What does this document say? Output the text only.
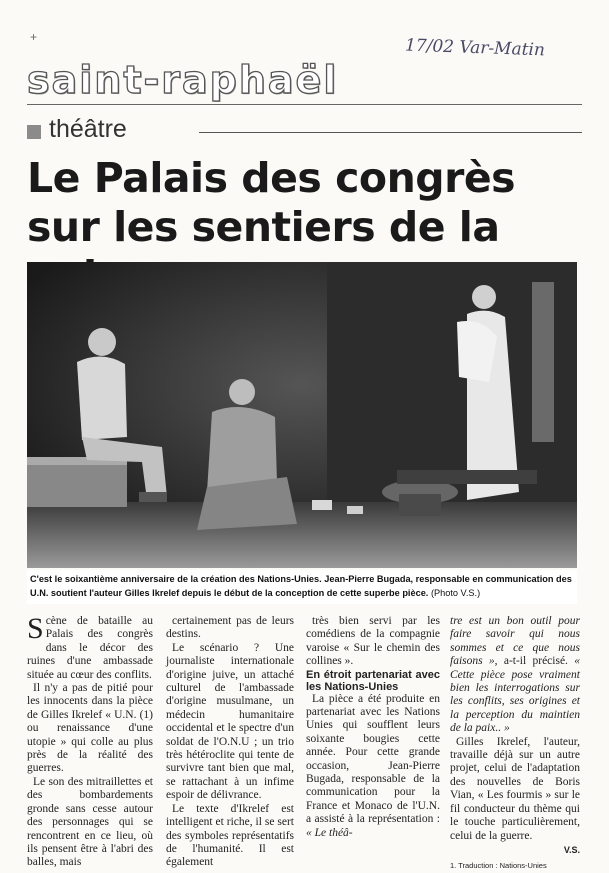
+	17/02 Var-Matin
saint-raphaël
théâtre
Le Palais des congrès
sur les sentiers de la
C'est le soixantième anniversaire de la création des Nations-Unies. Jean-Pierre Bugada, responsable en communication des U.N. soutient l'auteur Gilles Ikrelef depuis le début de la conception de cette superbe pièce. (Photo V.S.)

Scène de bataille au Palais des congrès dans le décor des ruines d'une ambassade située au cœur des conflits.

Il n'y a pas de pitié pour les innocents dans la pièce de Gilles Ikrelef « U.N. (1) ou renaissance d'une utopie » qui colle au plus près de la réalité des guerres.

Le son des mitraillettes et des bombardements gronde sans cesse autour des personnages qui se rencontrent en ce lieu, où ils pensent être à l'abri des balles, mais

certainement pas de leurs destins.

Le scénario ? Une journaliste internationale d'origine juive, un attaché culturel de l'ambassade d'origine musulmane, un médecin humanitaire occidental et le spectre d'un soldat de l'O.N.U ; un trio très hétéroclite qui tente de survivre tant bien que mal, se rattachant à un infime espoir de délivrance.

Le texte d'Ikrelef est intelligent et riche, il se sert des symboles représentatifs de l'humanité. Il est également

très bien servi par les comédiens de la compagnie varoise « Sur le chemin des collines ».

En étroit partenariat avec les Nations-Unies

La pièce a été produite en partenariat avec les Nations Unies qui soufflent leurs soixante bougies cette année. Pour cette grande occasion, Jean-Pierre Bugada, responsable de la communication pour la France et Monaco de l'U.N. a assisté à la représentation : « Le théâ-

tre est un bon outil pour faire savoir qui nous sommes et ce que nous faisons », a-t-il précisé. « Cette pièce pose vraiment bien les interrogations sur les conflits, ses origines et la perception du maintien de la paix.. »

Gilles Ikrelef, l'auteur, travaille déjà sur un autre projet, celui de l'adaptation des nouvelles de Boris Vian, « Les fourmis » sur le fil conducteur du thème qui le touche particulièrement, celui de la guerre.

V.S.
1. Traduction : Nations-Unies
